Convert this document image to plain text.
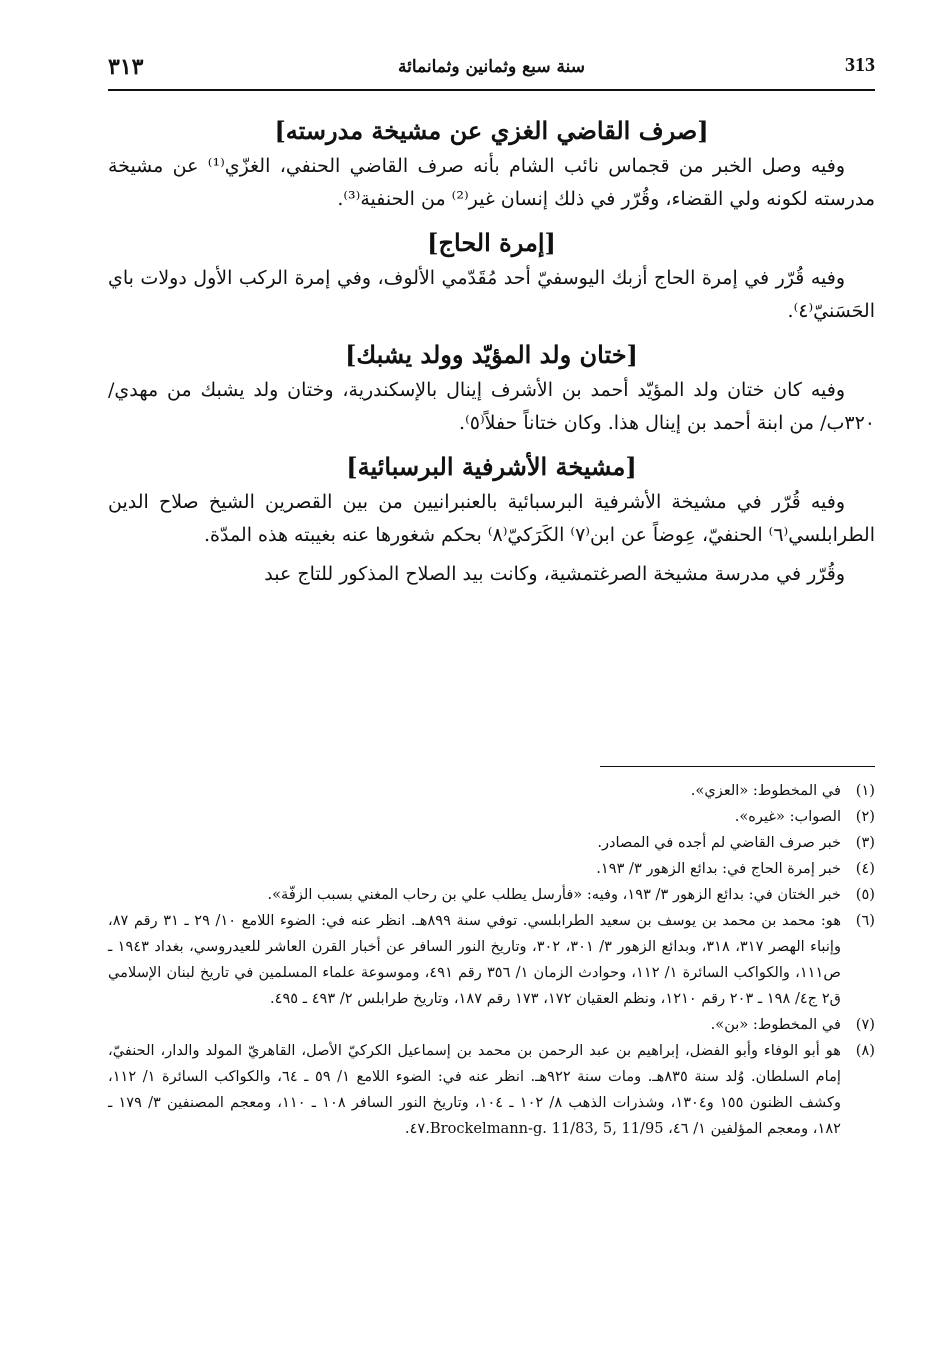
٣١٣	سنة سبع وثمانين وثمانمائة	313
[صرف القاضي الغزي عن مشيخة مدرسته]

وفيه وصل الخبر من قجماس نائب الشام بأنه صرف القاضي الحنفي، الغزّي⁽¹⁾ عن مشيخة مدرسته لكونه ولي القضاء، وقُرّر في ذلك إنسان غير⁽²⁾ من الحنفية⁽³⁾.

[إمرة الحاج]

وفيه قُرّر في إمرة الحاج أزبك اليوسفيّ أحد مُقَدّمي الألوف، وفي إمرة الركب الأول دولات باي الحَسَنيّ⁽٤⁾.

[ختان ولد المؤيّد وولد يشبك]

وفيه كان ختان ولد المؤيّد أحمد بن الأشرف إينال بالإسكندرية، وختان ولد يشبك من مهدي/ ٣٢٠ب/ من ابنة أحمد بن إينال هذا. وكان ختاناً حفلاً⁽٥⁾.

[مشيخة الأشرفية البرسبائية]

وفيه قُرّر في مشيخة الأشرفية البرسبائية بالعنبرانيين من بين القصرين الشيخ صلاح الدين الطرابلسي⁽٦⁾ الحنفيّ، عِوضاً عن ابن⁽٧⁾ الكَرَكيّ⁽٨⁾ بحكم شغورها عنه بغيبته هذه المدّة.

وقُرّر في مدرسة مشيخة الصرغتمشية، وكانت بيد الصلاح المذكور للتاج عبد

(١)
في المخطوط: «العزي».
(٢)
الصواب: «غيره».
(٣)
خبر صرف القاضي لم أجده في المصادر.
(٤)
خبر إمرة الحاج في: بدائع الزهور ٣/ ١٩٣.
(٥)
خبر الختان في: بدائع الزهور ٣/ ١٩٣، وفيه: «فأرسل يطلب علي بن رحاب المغني بسبب الزفّة».
(٦)
هو: محمد بن محمد بن يوسف بن سعيد الطرابلسي. توفي سنة ٨٩٩هـ. انظر عنه في: الضوء اللامع ١٠/ ٢٩ ـ ٣١ رقم ٨٧، وإنباء الهصر ٣١٧، ٣١٨، وبدائع الزهور ٣/ ٣٠١، ٣٠٢، وتاريخ النور السافر عن أخبار القرن العاشر للعيدروسي، بغداد ١٩٤٣ ـ ص١١١، والكواكب السائرة ١/ ١١٢، وحوادث الزمان ١/ ٣٥٦ رقم ٤٩١، وموسوعة علماء المسلمين في تاريخ لبنان الإسلامي ق٢ ج٤/ ١٩٨ ـ ٢٠٣ رقم ١٢١٠، ونظم العقيان ١٧٢، ١٧٣ رقم ١٨٧، وتاريخ طرابلس ٢/ ٤٩٣ ـ ٤٩٥.
(٧)
في المخطوط: «بن».
(٨)
هو أبو الوفاء وأبو الفضل، إبراهيم بن عبد الرحمن بن محمد بن إسماعيل الكركيّ الأصل، القاهريّ المولد والدار، الحنفيّ، إمام السلطان. وُلد سنة ٨٣٥هـ. ومات سنة ٩٢٢هـ. انظر عنه في: الضوء اللامع ١/ ٥٩ ـ ٦٤، والكواكب السائرة ١/ ١١٢، وكشف الظنون ١٥٥ و١٣٠٤، وشذرات الذهب ٨/ ١٠٢ ـ ١٠٤، وتاريخ النور السافر ١٠٨ ـ ١١٠، ومعجم المصنفين ٣/ ١٧٩ ـ ١٨٢، ومعجم المؤلفين ١/ ٤٦، Brockelmann-g. 11/83, 5, 11/95.٤٧.
